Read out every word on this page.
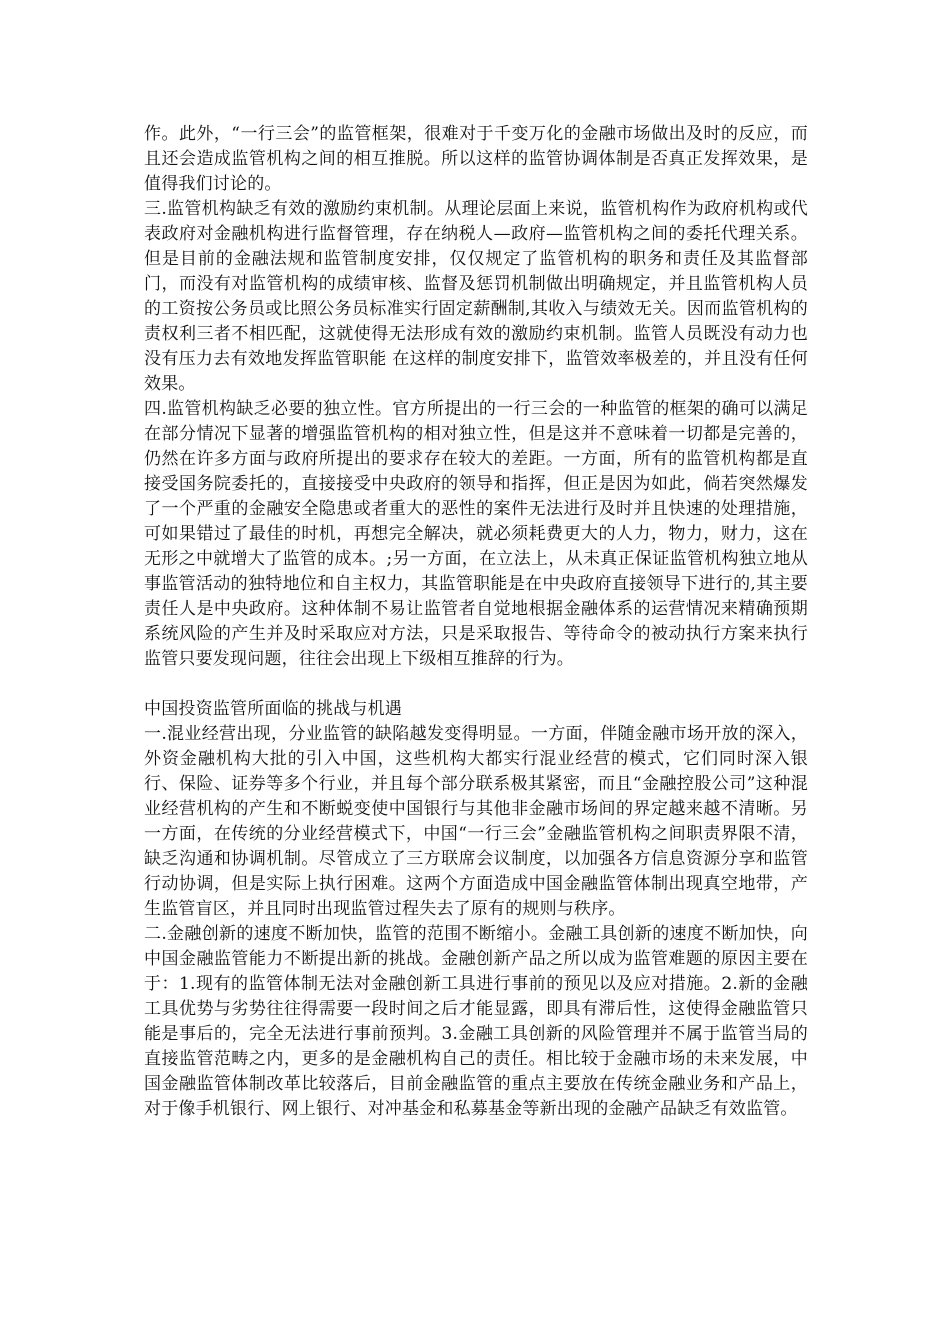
作。此外，“一行三会”的监管框架，很难对于千变万化的金融市场做出及时的反应，而且还会造成监管机构之间的相互推脱。所以这样的监管协调体制是否真正发挥效果，是值得我们讨论的。

三.监管机构缺乏有效的激励约束机制。从理论层面上来说，监管机构作为政府机构或代表政府对金融机构进行监督管理，存在纳税人—政府—监管机构之间的委托代理关系。但是目前的金融法规和监管制度安排，仅仅规定了监管机构的职务和责任及其监督部门，而没有对监管机构的成绩审核、监督及惩罚机制做出明确规定，并且监管机构人员的工资按公务员或比照公务员标准实行固定薪酬制,其收入与绩效无关。因而监管机构的责权利三者不相匹配，这就使得无法形成有效的激励约束机制。监管人员既没有动力也没有压力去有效地发挥监管职能 在这样的制度安排下，监管效率极差的，并且没有任何效果。

四.监管机构缺乏必要的独立性。官方所提出的一行三会的一种监管的框架的确可以满足在部分情况下显著的增强监管机构的相对独立性，但是这并不意味着一切都是完善的，仍然在许多方面与政府所提出的要求存在较大的差距。一方面，所有的监管机构都是直接受国务院委托的，直接接受中央政府的领导和指挥，但正是因为如此，倘若突然爆发了一个严重的金融安全隐患或者重大的恶性的案件无法进行及时并且快速的处理措施，可如果错过了最佳的时机，再想完全解决，就必须耗费更大的人力，物力，财力，这在无形之中就增大了监管的成本。;另一方面，在立法上，从未真正保证监管机构独立地从事监管活动的独特地位和自主权力，其监管职能是在中央政府直接领导下进行的,其主要责任人是中央政府。这种体制不易让监管者自觉地根据金融体系的运营情况来精确预期系统风险的产生并及时采取应对方法，只是采取报告、等待命令的被动执行方案来执行监管只要发现问题，往往会出现上下级相互推辞的行为。

中国投资监管所面临的挑战与机遇

一.混业经营出现，分业监管的缺陷越发变得明显。一方面，伴随金融市场开放的深入，外资金融机构大批的引入中国，这些机构大都实行混业经营的模式，它们同时深入银行、保险、证券等多个行业，并且每个部分联系极其紧密，而且“金融控股公司”这种混业经营机构的产生和不断蜕变使中国银行与其他非金融市场间的界定越来越不清晰。另一方面，在传统的分业经营模式下，中国“一行三会”金融监管机构之间职责界限不清，缺乏沟通和协调机制。尽管成立了三方联席会议制度，以加强各方信息资源分享和监管行动协调，但是实际上执行困难。这两个方面造成中国金融监管体制出现真空地带，产生监管盲区，并且同时出现监管过程失去了原有的规则与秩序。

二.金融创新的速度不断加快，监管的范围不断缩小。金融工具创新的速度不断加快，向中国金融监管能力不断提出新的挑战。金融创新产品之所以成为监管难题的原因主要在于：1.现有的监管体制无法对金融创新工具进行事前的预见以及应对措施。2.新的金融工具优势与劣势往往得需要一段时间之后才能显露，即具有滞后性，这使得金融监管只能是事后的，完全无法进行事前预判。3.金融工具创新的风险管理并不属于监管当局的直接监管范畴之内，更多的是金融机构自己的责任。相比较于金融市场的未来发展，中国金融监管体制改革比较落后，目前金融监管的重点主要放在传统金融业务和产品上，对于像手机银行、网上银行、对冲基金和私募基金等新出现的金融产品缺乏有效监管。
